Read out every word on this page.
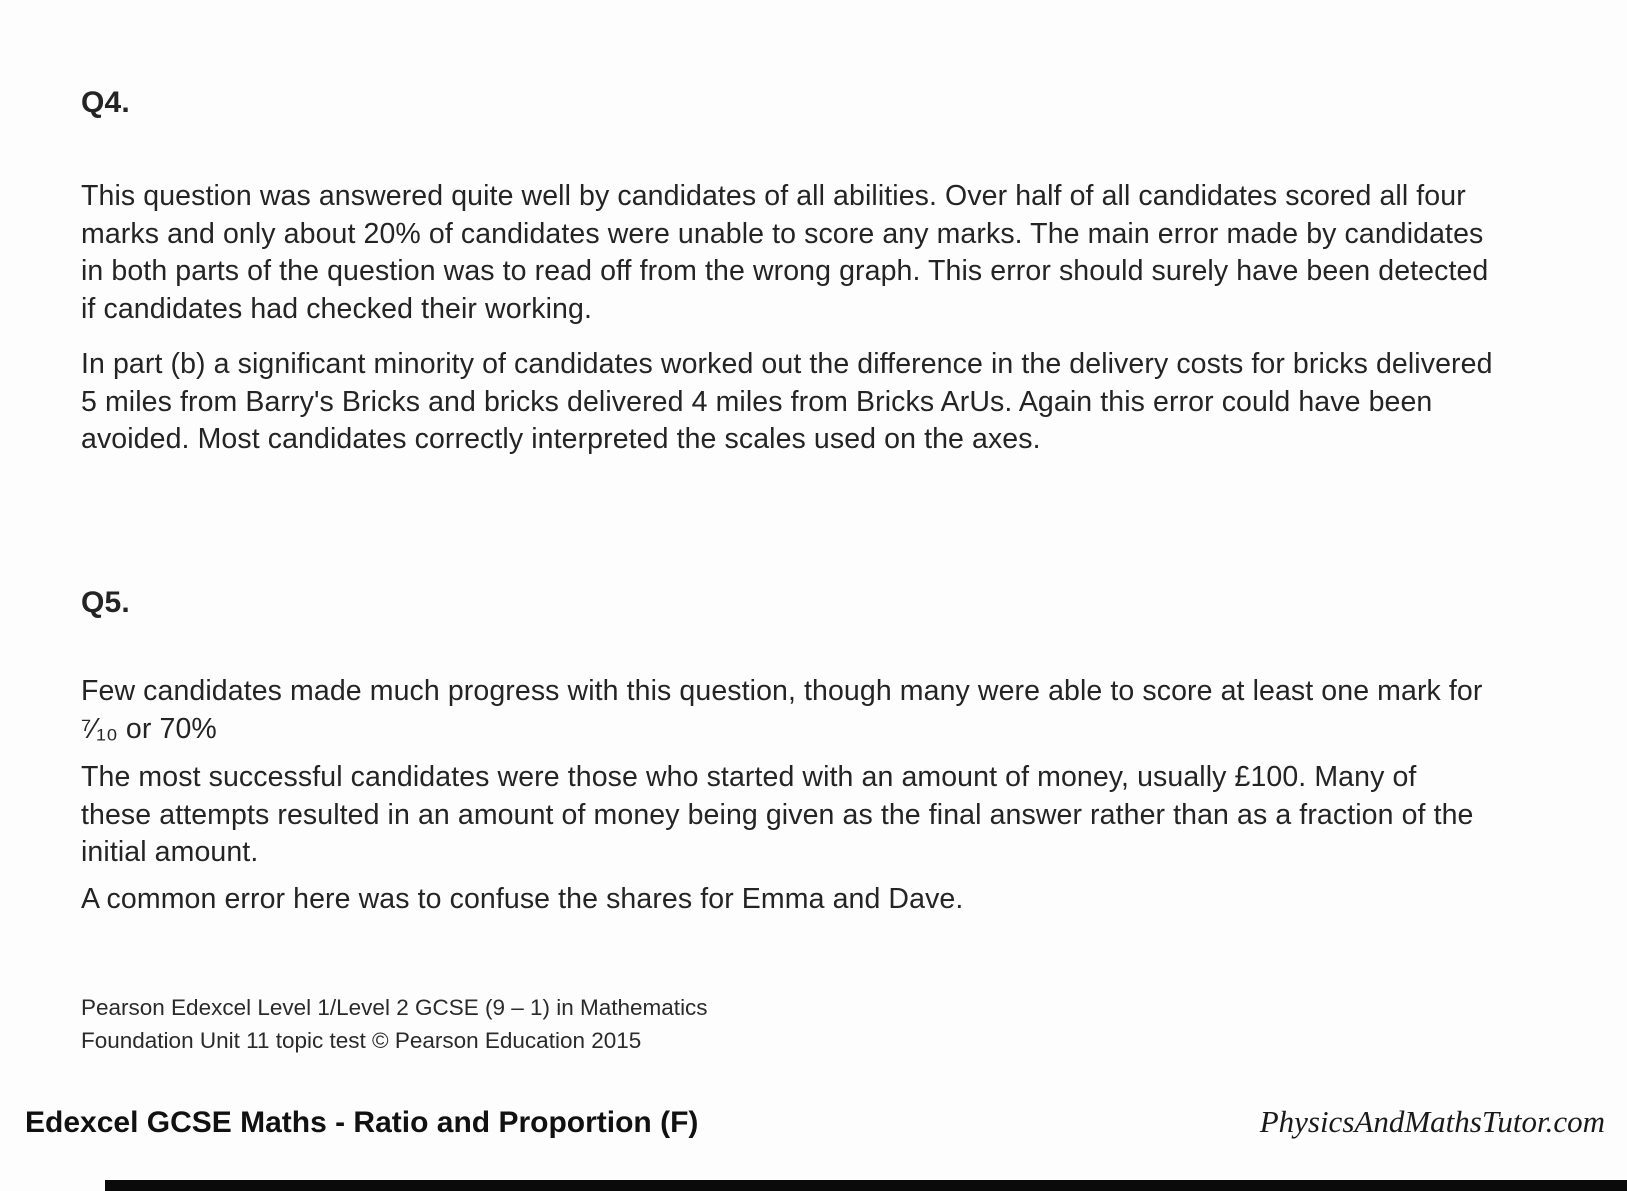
Q4.
This question was answered quite well by candidates of all abilities. Over half of all candidates scored all four marks and only about 20% of candidates were unable to score any marks. The main error made by candidates in both parts of the question was to read off from the wrong graph. This error should surely have been detected if candidates had checked their working.
In part (b) a significant minority of candidates worked out the difference in the delivery costs for bricks delivered 5 miles from Barry's Bricks and bricks delivered 4 miles from Bricks ArUs. Again this error could have been avoided. Most candidates correctly interpreted the scales used on the axes.
Q5.
Few candidates made much progress with this question, though many were able to score at least one mark for ⁷⁄₁₀ or 70%
The most successful candidates were those who started with an amount of money, usually £100. Many of these attempts resulted in an amount of money being given as the final answer rather than as a fraction of the initial amount.
A common error here was to confuse the shares for Emma and Dave.
Pearson Edexcel Level 1/Level 2 GCSE (9 – 1) in Mathematics
Foundation Unit 11 topic test © Pearson Education 2015
Edexcel GCSE Maths - Ratio and Proportion (F)	PhysicsAndMathsTutor.com
